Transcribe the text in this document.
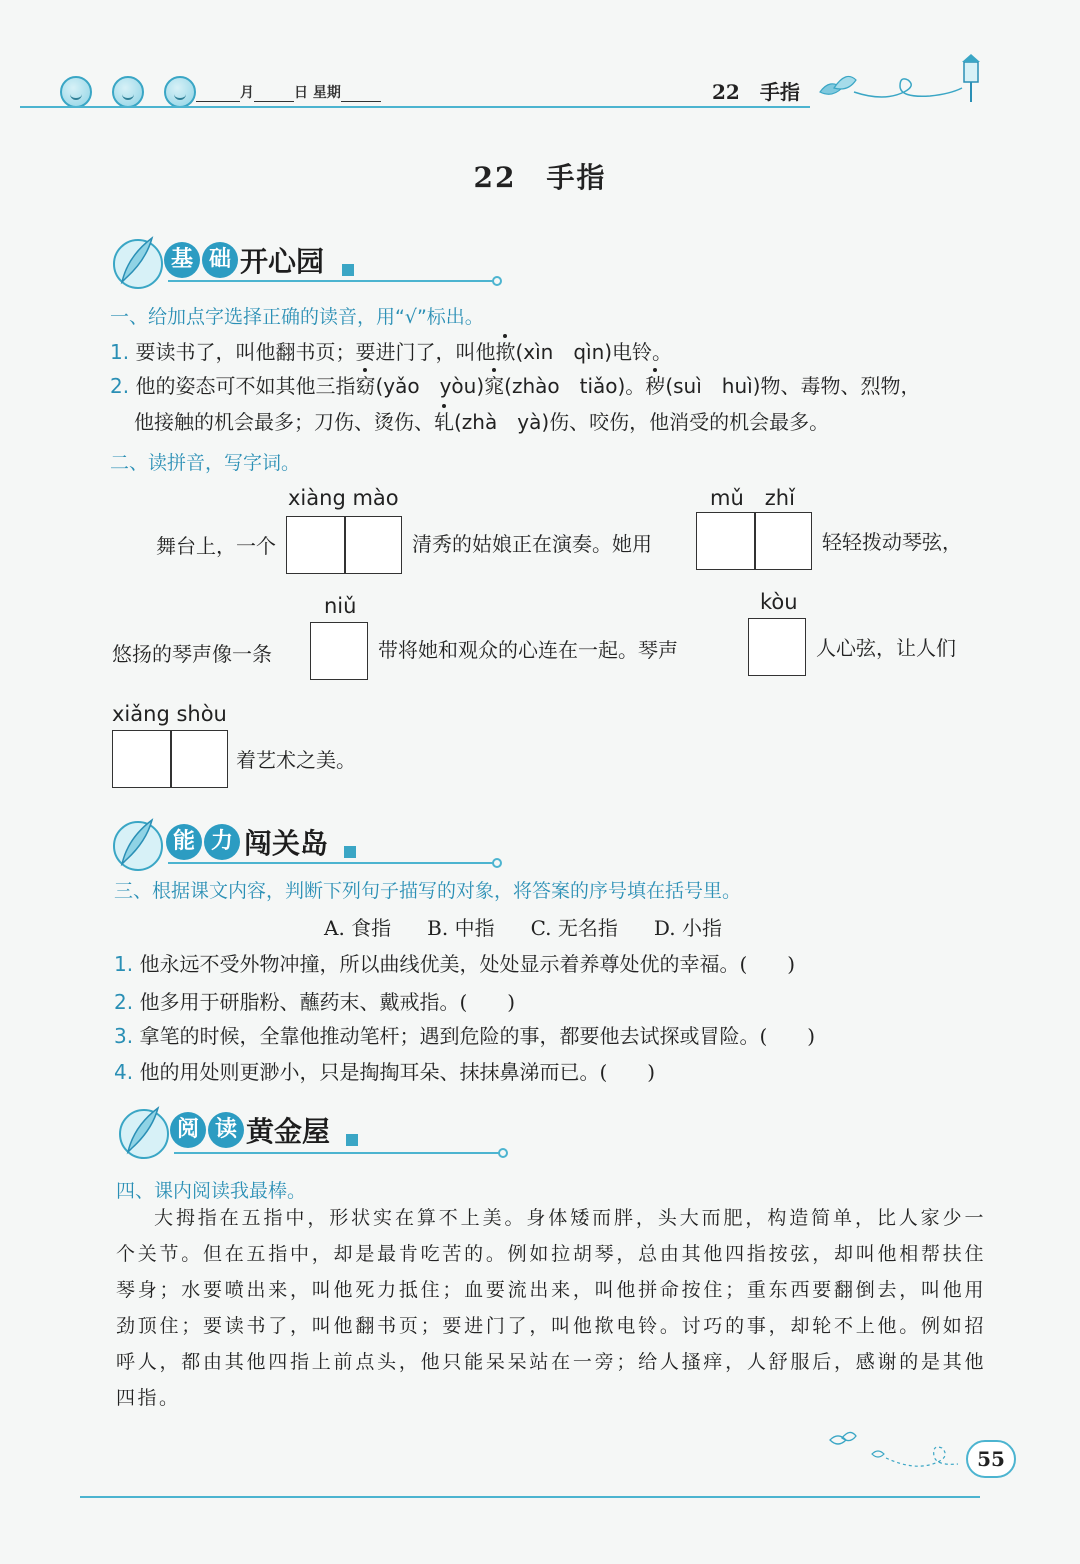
月	日 星期	22　手指
22　手指
基 础 开心园
一、给加点字选择正确的读音，用“√”标出。
1. 要读书了，叫他翻书页；要进门了，叫他揿(xìn　qìn)电铃。
2. 他的姿态可不如其他三指窈(yǎo　yòu)窕(zhào　tiǎo)。秽(suì　huì)物、毒物、烈物，
他接触的机会最多；刀伤、烫伤、轧(zhà　yà)伤、咬伤，他消受的机会最多。
二、读拼音，写字词。
xiàng mào	mǔ　zhǐ
舞台上，一个	清秀的姑娘正在演奏。她用	轻轻拨动琴弦，
niǔ	kòu
悠扬的琴声像一条	带将她和观众的心连在一起。琴声	人心弦，让人们
xiǎng shòu
着艺术之美。
能 力 闯关岛
三、根据课文内容，判断下列句子描写的对象，将答案的序号填在括号里。
A. 食指 B. 中指 C. 无名指 D. 小指
1. 他永远不受外物冲撞，所以曲线优美，处处显示着养尊处优的幸福。(　　)
2. 他多用于研脂粉、蘸药末、戴戒指。(　　)
3. 拿笔的时候，全靠他推动笔杆；遇到危险的事，都要他去试探或冒险。(　　)
4. 他的用处则更渺小，只是掏掏耳朵、抹抹鼻涕而已。(　　)
阅 读 黄金屋
四、课内阅读我最棒。
大拇指在五指中，形状实在算不上美。身体矮而胖，头大而肥，构造简单，比人家少一个关节。但在五指中，却是最肯吃苦的。例如拉胡琴，总由其他四指按弦，却叫他相帮扶住琴身；水要喷出来，叫他死力抵住；血要流出来，叫他拼命按住；重东西要翻倒去，叫他用劲顶住；要读书了，叫他翻书页；要进门了，叫他揿电铃。讨巧的事，却轮不上他。例如招呼人，都由其他四指上前点头，他只能呆呆站在一旁；给人搔痒，人舒服后，感谢的是其他四指。
55
